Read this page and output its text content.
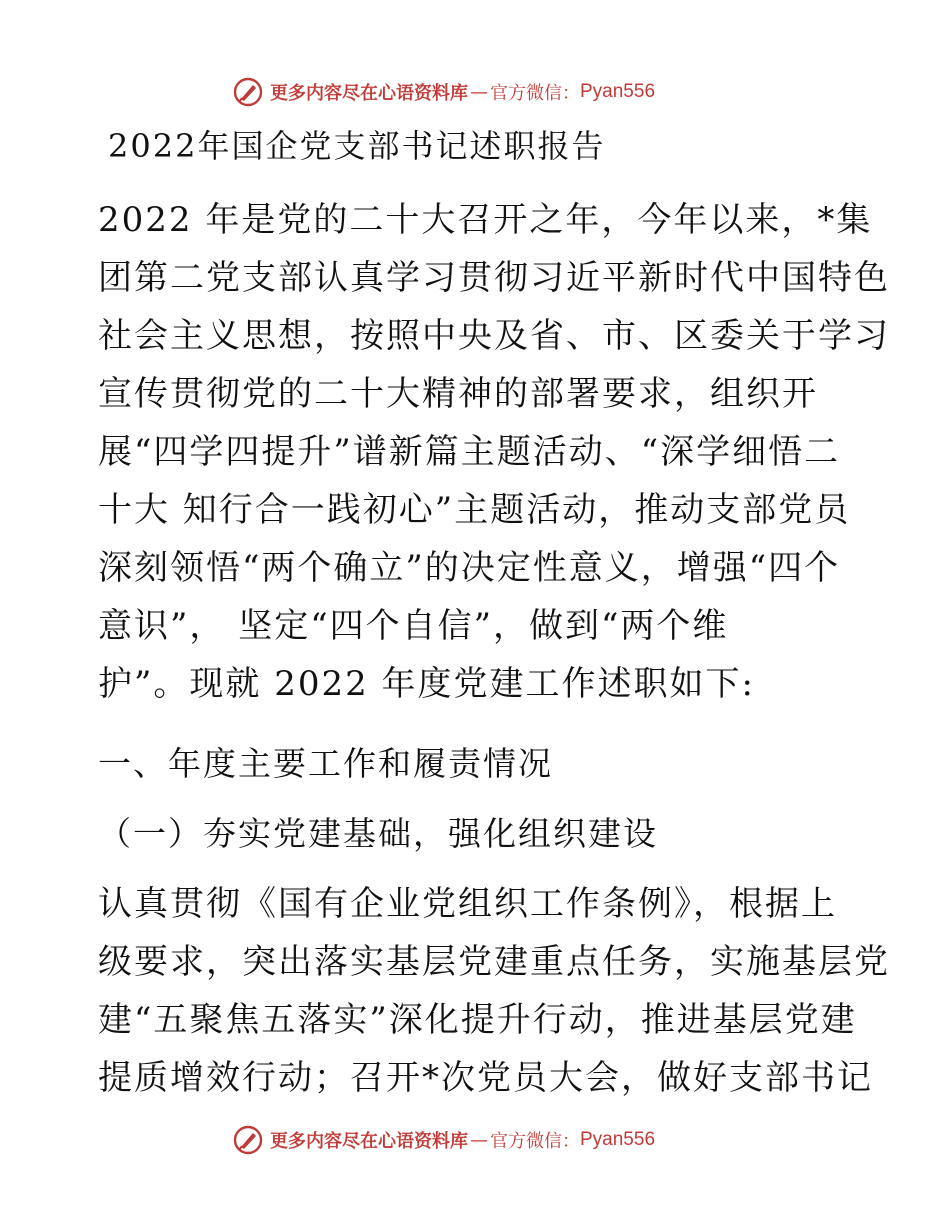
更多内容尽在心语资料库 — 官方微信： Pyan556
2022年国企党支部书记述职报告
2022 年是党的二十大召开之年，今年以来，*集
团第二党支部认真学习贯彻习近平新时代中国特色
社会主义思想，按照中央及省、市、区委关于学习
宣传贯彻党的二十大精神的部署要求，组织开
展“四学四提升”谱新篇主题活动、“深学细悟二
十大 知行合一践初心”主题活动，推动支部党员
深刻领悟“两个确立”的决定性意义，增强“四个
意识”， 坚定“四个自信”，做到“两个维
护”。现就 2022 年度党建工作述职如下:
一、年度主要工作和履责情况
（一）夯实党建基础，强化组织建设
认真贯彻《国有企业党组织工作条例》，根据上
级要求，突出落实基层党建重点任务，实施基层党
建“五聚焦五落实”深化提升行动，推进基层党建
提质增效行动；召开*次党员大会，做好支部书记
更多内容尽在心语资料库 — 官方微信： Pyan556
